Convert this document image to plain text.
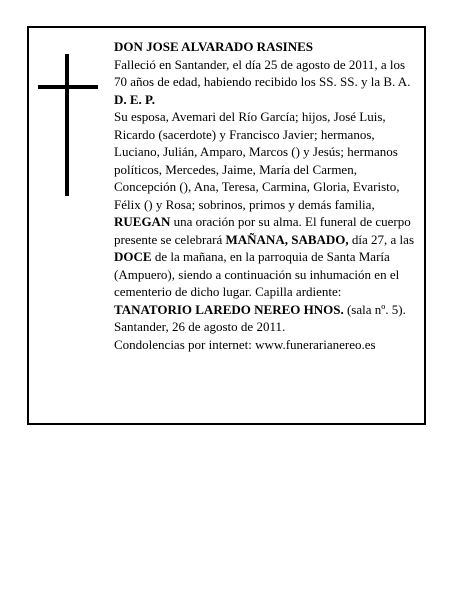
DON JOSE ALVARADO RASINES

Falleció en Santander, el día 25 de agosto de 2011, a los 70 años de edad, habiendo recibido los SS. SS. y la B. A.

D. E. P.

Su esposa, Avemari del Río García; hijos, José Luis, Ricardo (sacerdote) y Francisco Javier; hermanos, Luciano, Julián, Amparo, Marcos () y Jesús; hermanos políticos, Mercedes, Jaime, María del Carmen, Concepción (), Ana, Teresa, Carmina, Gloria, Evaristo, Félix () y Rosa; sobrinos, primos y demás familia,
RUEGAN una oración por su alma. El funeral de cuerpo presente se celebrará MAÑANA, SABADO, día 27, a las DOCE de la mañana, en la parroquia de Santa María (Ampuero), siendo a continuación su inhumación en el cementerio de dicho lugar. Capilla ardiente: TANATORIO LAREDO NEREO HNOS. (sala nº. 5).

Santander, 26 de agosto de 2011.

Condolencias por internet: www.funerarianereo.es
